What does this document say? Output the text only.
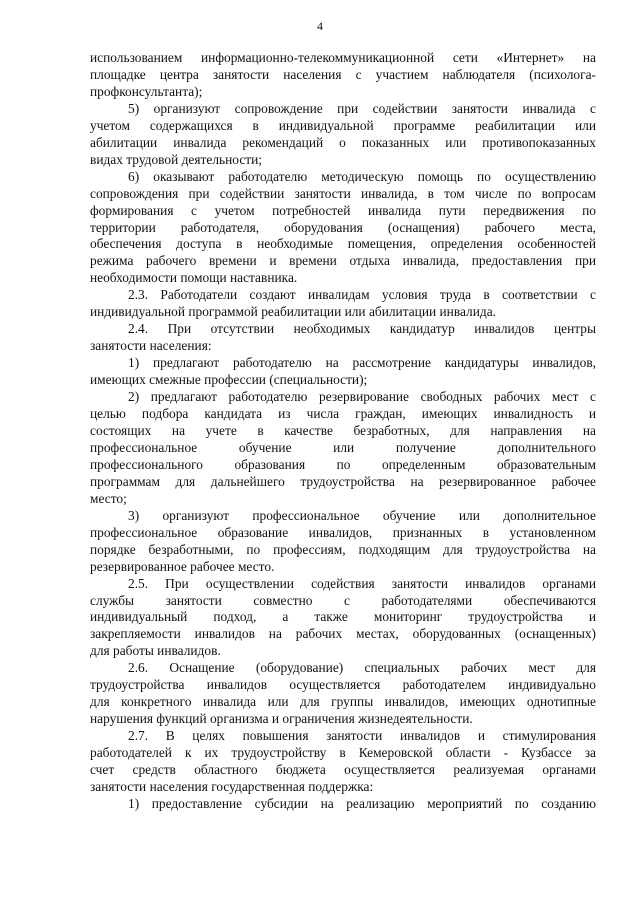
4
использованием информационно-телекоммуникационной сети «Интернет» на
площадке центра занятости населения с участием наблюдателя (психолога-
профконсультанта);
5) организуют сопровождение при содействии занятости инвалида с
учетом содержащихся в индивидуальной программе реабилитации или
абилитации инвалида рекомендаций о показанных или противопоказанных
видах трудовой деятельности;
6) оказывают работодателю методическую помощь по осуществлению
сопровождения при содействии занятости инвалида, в том числе по вопросам
формирования с учетом потребностей инвалида пути передвижения по
территории работодателя, оборудования (оснащения) рабочего места,
обеспечения доступа в необходимые помещения, определения особенностей
режима рабочего времени и времени отдыха инвалида, предоставления при
необходимости помощи наставника.
2.3. Работодатели создают инвалидам условия труда в соответствии с
индивидуальной программой реабилитации или абилитации инвалида.
2.4. При отсутствии необходимых кандидатур инвалидов центры
занятости населения:
1) предлагают работодателю на рассмотрение кандидатуры инвалидов,
имеющих смежные профессии (специальности);
2) предлагают работодателю резервирование свободных рабочих мест с
целью подбора кандидата из числа граждан, имеющих инвалидность и
состоящих на учете в качестве безработных, для направления на
профессиональное обучение или получение дополнительного
профессионального образования по определенным образовательным
программам для дальнейшего трудоустройства на резервированное рабочее
место;
3) организуют профессиональное обучение или дополнительное
профессиональное образование инвалидов, признанных в установленном
порядке безработными, по профессиям, подходящим для трудоустройства на
резервированное рабочее место.
2.5. При осуществлении содействия занятости инвалидов органами
службы занятости совместно с работодателями обеспечиваются
индивидуальный подход, а также мониторинг трудоустройства и
закрепляемости инвалидов на рабочих местах, оборудованных (оснащенных)
для работы инвалидов.
2.6. Оснащение (оборудование) специальных рабочих мест для
трудоустройства инвалидов осуществляется работодателем индивидуально
для конкретного инвалида или для группы инвалидов, имеющих однотипные
нарушения функций организма и ограничения жизнедеятельности.
2.7. В целях повышения занятости инвалидов и стимулирования
работодателей к их трудоустройству в Кемеровской области - Кузбассе за
счет средств областного бюджета осуществляется реализуемая органами
занятости населения государственная поддержка:
1) предоставление субсидии на реализацию мероприятий по созданию
